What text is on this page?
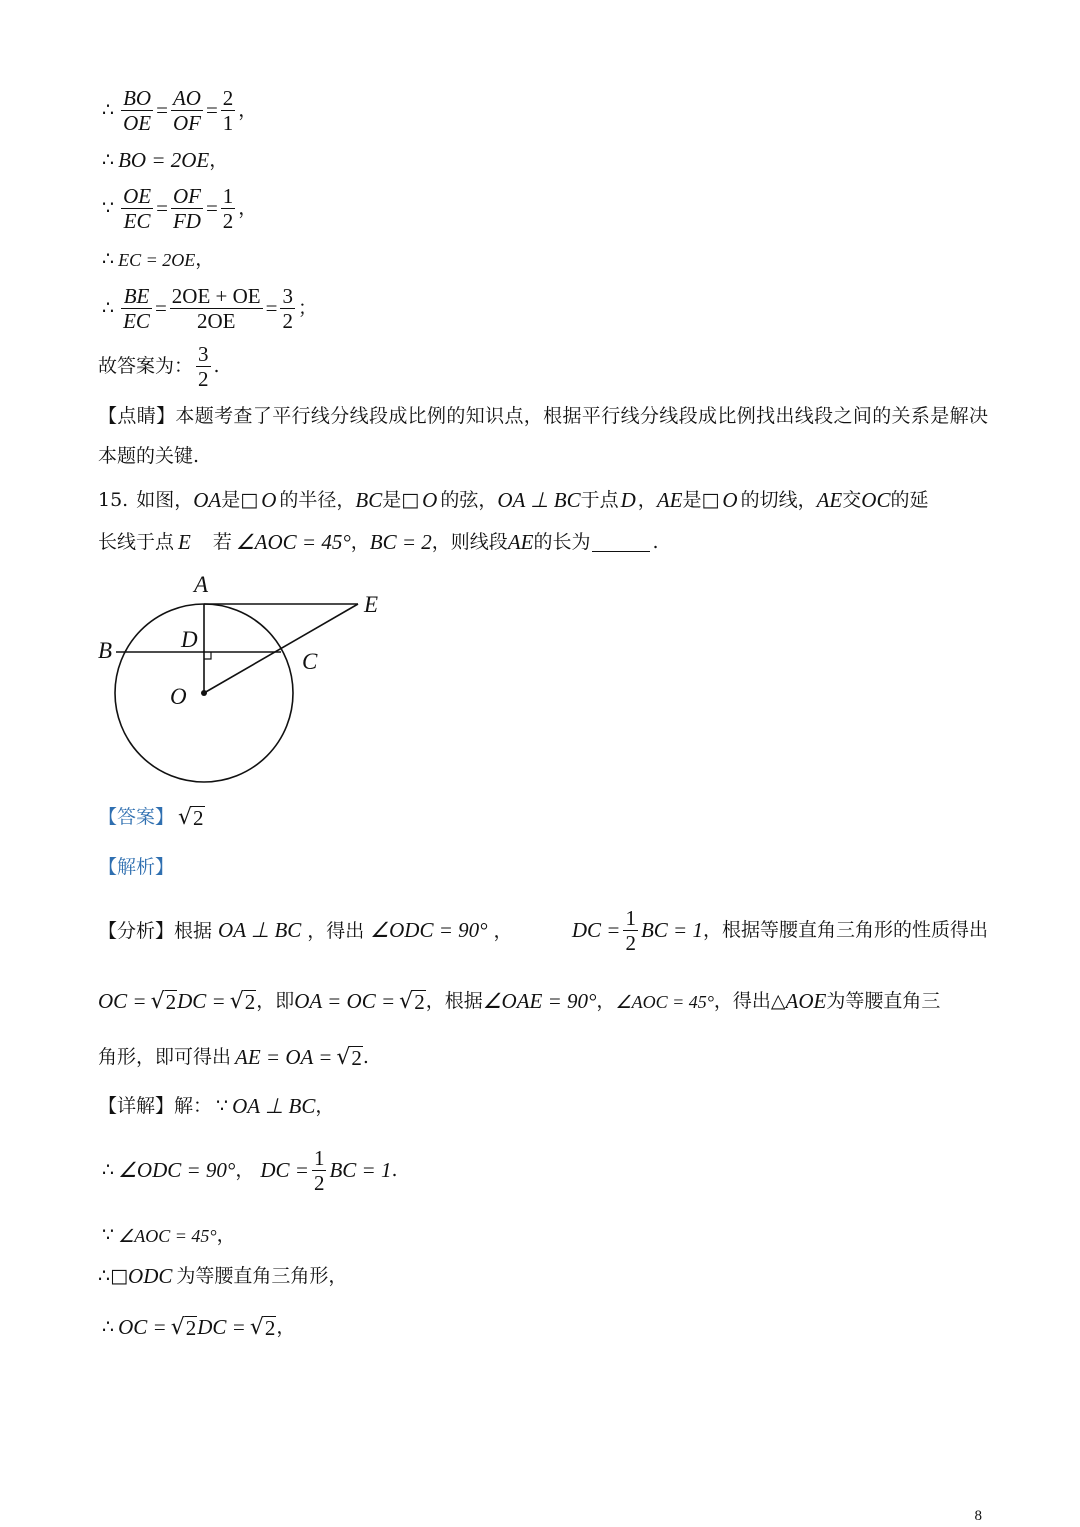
∴ $\frac{BO}{OE} = \frac{AO}{OF} = \frac{2}{1}$ ，
∴ BO = 2OE ，
∵ $\frac{OE}{EC} = \frac{OF}{FD} = \frac{1}{2}$ ，
∴ EC = 2OE ，
∴ $\frac{BE}{EC} = \frac{2OE + OE}{2OE} = \frac{3}{2}$ ；
故答案为： $\frac{3}{2}$ .
【点睛】本题考查了平行线分线段成比例的知识点，根据平行线分线段成比例找出线段之间的关系是解决本题的关键.
15. 如图， OA 是□ O 的半径， BC 是□ O 的弦， OA ⊥ BC 于点 D ， AE 是□ O 的切线， AE 交 OC 的延
长线于点 E 若 ∠AOC = 45° ， BC = 2 ，则线段 AE 的长为	.
A
B	C
D
E
O
【答案】 √ 2
【解析】
【分析】根据 OA ⊥ BC ，得出 ∠ODC = 90° ，	DC = $\frac{1}{2}$ BC = 1 ，根据等腰直角三角形的性质得出
OC = √ 2 DC = √ 2 ，即 OA = OC = √ 2 ，根据 ∠OAE = 90° ， ∠AOC = 45° ，得出△ AOE 为等腰直角三
角形，即可得出 AE = OA = √ 2 .
【详解】 解： ∵ OA ⊥ BC ，
∴ ∠ODC = 90° ， DC = $\frac{1}{2}$ BC = 1 .
∵ ∠AOC = 45° ，
∴ □ ODC 为等腰直角三角形，
∴ OC = √ 2 DC = √ 2 ，
8
